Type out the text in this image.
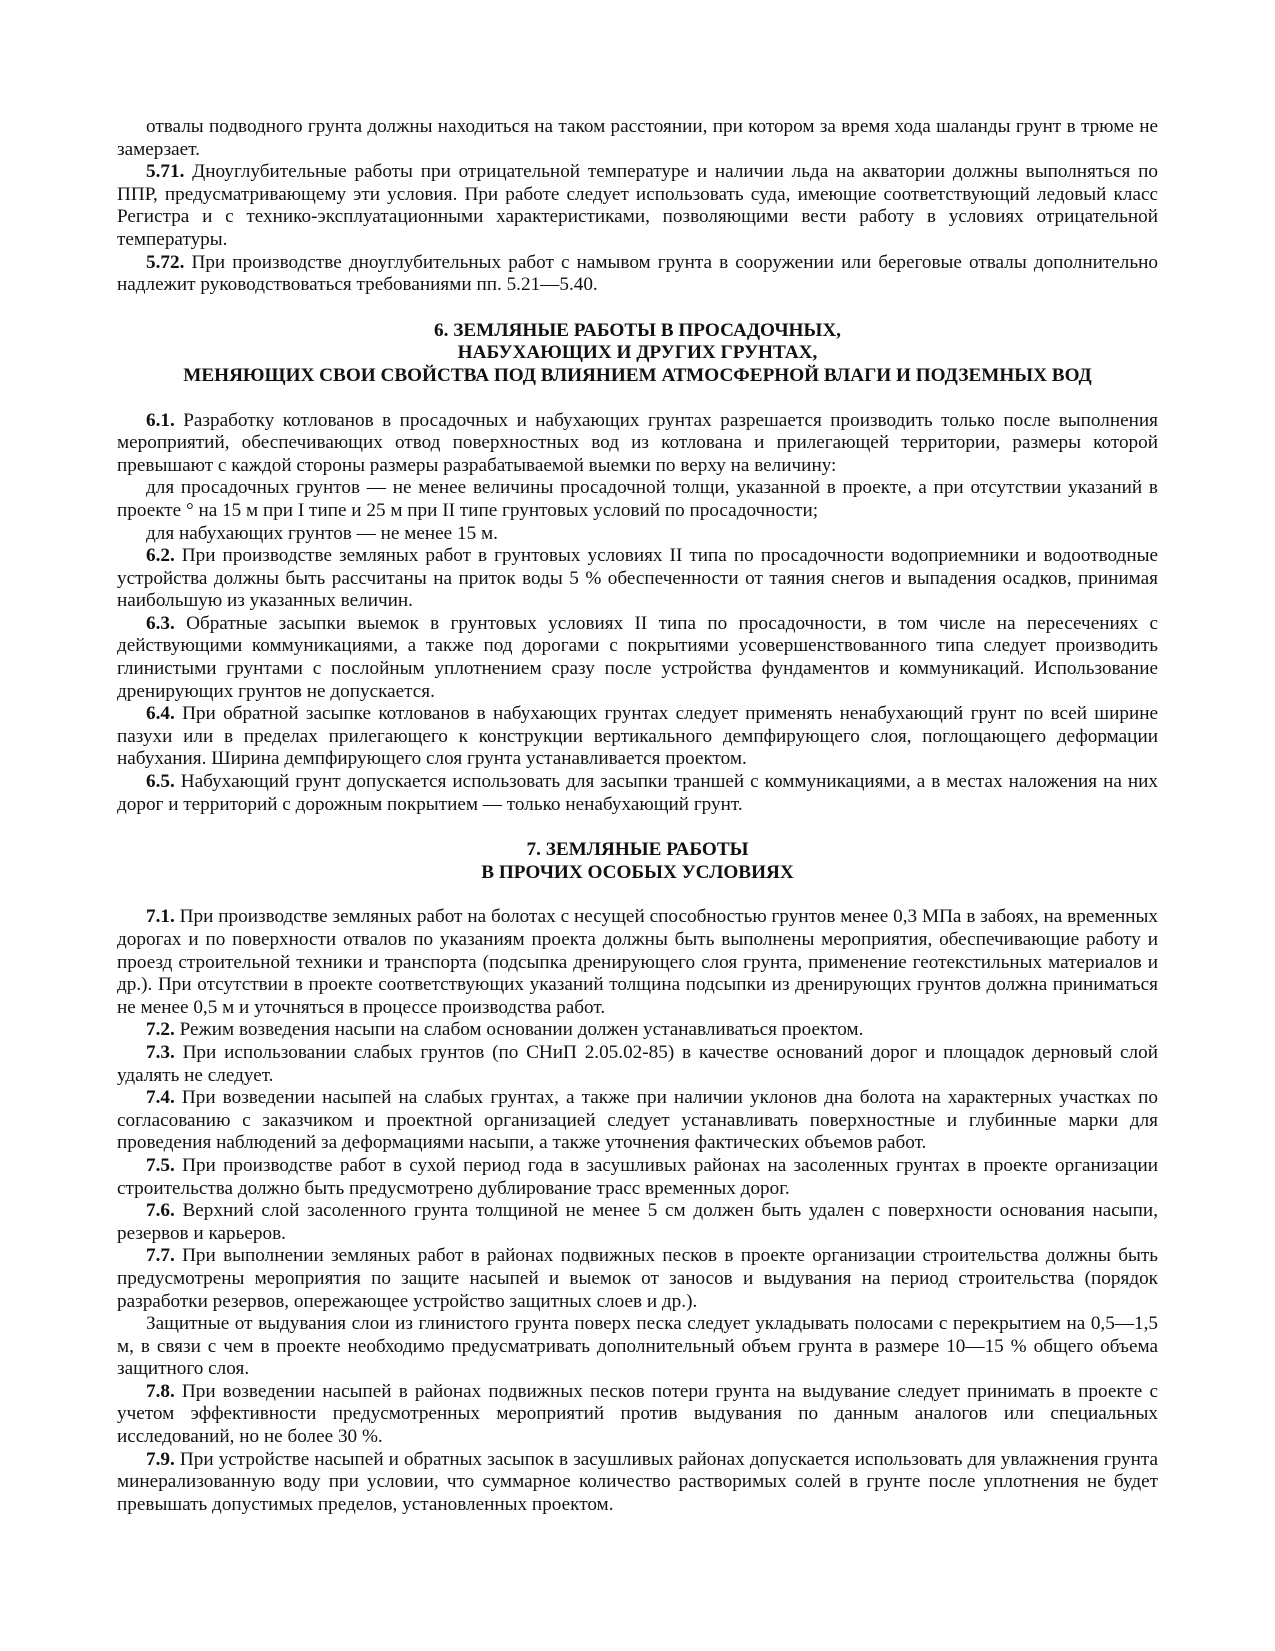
отвалы подводного грунта должны находиться на таком расстоянии, при котором за время хода шаланды грунт в трюме не замерзает.

5.71. Дноуглубительные работы при отрицательной температуре и наличии льда на акватории должны выполняться по ППР, предусматривающему эти условия. При работе следует использовать суда, имеющие соответствующий ледовый класс Регистра и с технико-эксплуатационными характеристиками, позволяющими вести работу в условиях отрицательной температуры.

5.72. При производстве дноуглубительных работ с намывом грунта в сооружении или береговые отвалы дополнительно надлежит руководствоваться требованиями пп. 5.21—5.40.

6. ЗЕМЛЯНЫЕ РАБОТЫ В ПРОСАДОЧНЫХ,
НАБУХАЮЩИХ И ДРУГИХ ГРУНТАХ,
МЕНЯЮЩИХ СВОИ СВОЙСТВА ПОД ВЛИЯНИЕМ АТМОСФЕРНОЙ ВЛАГИ И ПОДЗЕМНЫХ ВОД

6.1. Разработку котлованов в просадочных и набухающих грунтах разрешается производить только после выполнения мероприятий, обеспечивающих отвод поверхностных вод из котлована и прилегающей территории, размеры которой превышают с каждой стороны размеры разрабатываемой выемки по верху на величину:

для просадочных грунтов — не менее величины просадочной толщи, указанной в проекте, а при отсутствии указаний в проекте ° на 15 м при I типе и 25 м при II типе грунтовых условий по просадочности;

для набухающих грунтов — не менее 15 м.

6.2. При производстве земляных работ в грунтовых условиях II типа по просадочности водоприемники и водоотводные устройства должны быть рассчитаны на приток воды 5 % обеспеченности от таяния снегов и выпадения осадков, принимая наибольшую из указанных величин.

6.3. Обратные засыпки выемок в грунтовых условиях II типа по просадочности, в том числе на пересечениях с действующими коммуникациями, а также под дорогами с покрытиями усовершенствованного типа следует производить глинистыми грунтами с послойным уплотнением сразу после устройства фундаментов и коммуникаций. Использование дренирующих грунтов не допускается.

6.4. При обратной засыпке котлованов в набухающих грунтах следует применять ненабухающий грунт по всей ширине пазухи или в пределах прилегающего к конструкции вертикального демпфирующего слоя, поглощающего деформации набухания. Ширина демпфирующего слоя грунта устанавливается проектом.

6.5. Набухающий грунт допускается использовать для засыпки траншей с коммуникациями, а в местах наложения на них дорог и территорий с дорожным покрытием — только ненабухающий грунт.

7. ЗЕМЛЯНЫЕ РАБОТЫ
В ПРОЧИХ ОСОБЫХ УСЛОВИЯХ

7.1. При производстве земляных работ на болотах с несущей способностью грунтов менее 0,3 МПа в забоях, на временных дорогах и по поверхности отвалов по указаниям проекта должны быть выполнены мероприятия, обеспечивающие работу и проезд строительной техники и транспорта (подсыпка дренирующего слоя грунта, применение геотекстильных материалов и др.). При отсутствии в проекте соответствующих указаний толщина подсыпки из дренирующих грунтов должна приниматься не менее 0,5 м и уточняться в процессе производства работ.

7.2. Режим возведения насыпи на слабом основании должен устанавливаться проектом.

7.3. При использовании слабых грунтов (по СНиП 2.05.02-85) в качестве оснований дорог и площадок дерновый слой удалять не следует.

7.4. При возведении насыпей на слабых грунтах, а также при наличии уклонов дна болота на характерных участках по согласованию с заказчиком и проектной организацией следует устанавливать поверхностные и глубинные марки для проведения наблюдений за деформациями насыпи, а также уточнения фактических объемов работ.

7.5. При производстве работ в сухой период года в засушливых районах на засоленных грунтах в проекте организации строительства должно быть предусмотрено дублирование трасс временных дорог.

7.6. Верхний слой засоленного грунта толщиной не менее 5 см должен быть удален с поверхности основания насыпи, резервов и карьеров.

7.7. При выполнении земляных работ в районах подвижных песков в проекте организации строительства должны быть предусмотрены мероприятия по защите насыпей и выемок от заносов и выдувания на период строительства (порядок разработки резервов, опережающее устройство защитных слоев и др.).

Защитные от выдувания слои из глинистого грунта поверх песка следует укладывать полосами с перекрытием на 0,5—1,5 м, в связи с чем в проекте необходимо предусматривать дополнительный объем грунта в размере 10—15 % общего объема защитного слоя.

7.8. При возведении насыпей в районах подвижных песков потери грунта на выдувание следует принимать в проекте с учетом эффективности предусмотренных мероприятий против выдувания по данным аналогов или специальных исследований, но не более 30 %.

7.9. При устройстве насыпей и обратных засыпок в засушливых районах допускается использовать для увлажнения грунта минерализованную воду при условии, что суммарное количество растворимых солей в грунте после уплотнения не будет превышать допустимых пределов, установленных проектом.
